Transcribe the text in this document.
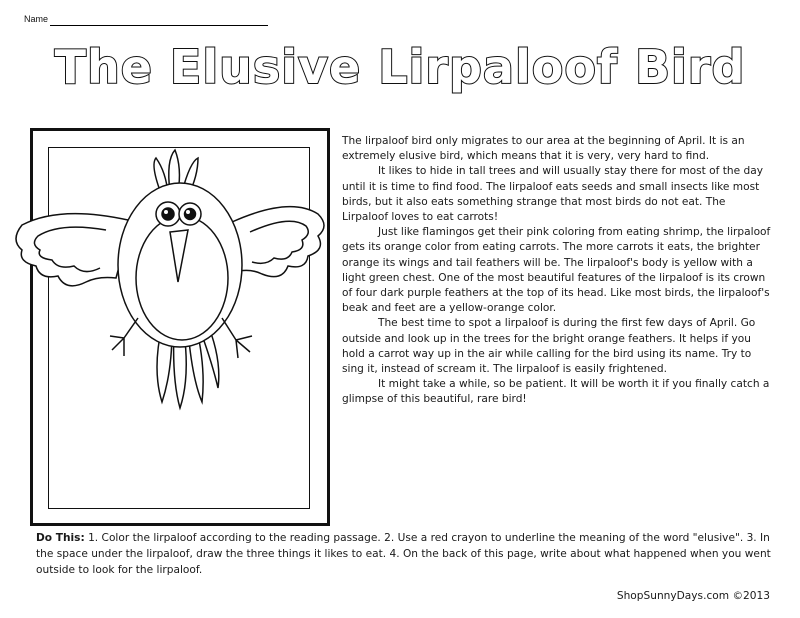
Name
The Elusive Lirpaloof Bird

The lirpaloof bird only migrates to our area at the beginning of April. It is an extremely elusive bird, which means that it is very, very hard to find.

It likes to hide in tall trees and will usually stay there for most of the day until it is time to find food. The lirpaloof eats seeds and small insects like most birds, but it also eats something strange that most birds do not eat. The Lirpaloof loves to eat carrots!

Just like flamingos get their pink coloring from eating shrimp, the lirpaloof gets its orange color from eating carrots. The more carrots it eats, the brighter orange its wings and tail feathers will be. The lirpaloof's body is yellow with a light green chest. One of the most beautiful features of the lirpaloof is its crown of four dark purple feathers at the top of its head. Like most birds, the lirpaloof's beak and feet are a yellow-orange color.

The best time to spot a lirpaloof is during the first few days of April. Go outside and look up in the trees for the bright orange feathers. It helps if you hold a carrot way up in the air while calling for the bird using its name. Try to sing it, instead of scream it. The lirpaloof is easily frightened.

It might take a while, so be patient. It will be worth it if you finally catch a glimpse of this beautiful, rare bird!

Do This: 1. Color the lirpaloof according to the reading passage. 2. Use a red crayon to underline the meaning of the word "elusive". 3. In the space under the lirpaloof, draw the three things it likes to eat. 4. On the back of this page, write about what happened when you went outside to look for the lirpaloof.
ShopSunnyDays.com ©2013
